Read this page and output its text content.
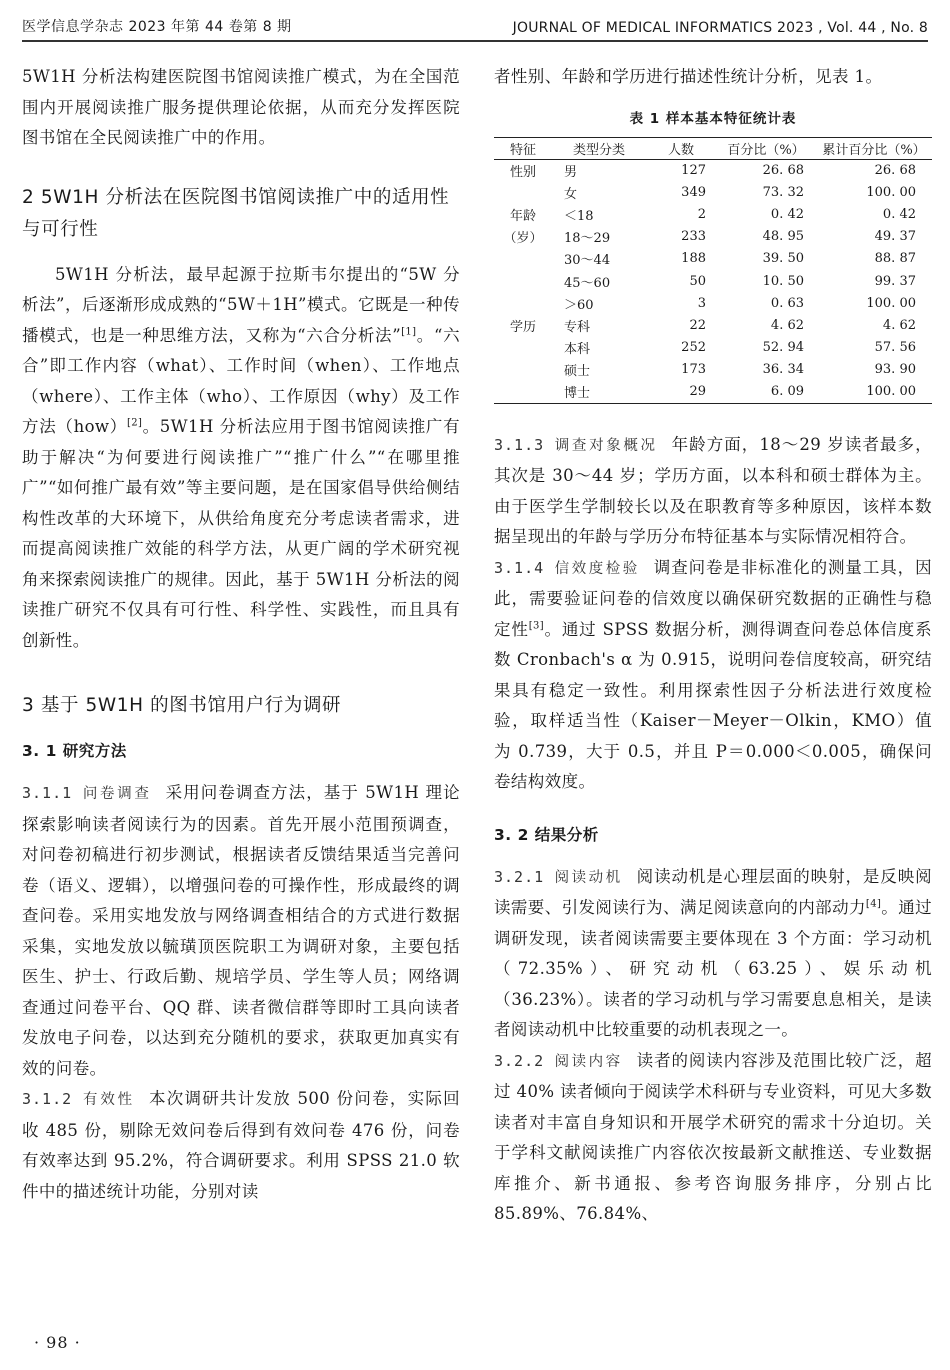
医学信息学杂志 2023 年第 44 卷第 8 期	JOURNAL OF MEDICAL INFORMATICS 2023 , Vol. 44 , No. 8

5W1H 分析法构建医院图书馆阅读推广模式，为在全国范围内开展阅读推广服务提供理论依据，从而充分发挥医院图书馆在全民阅读推广中的作用。

2 5W1H 分析法在医院图书馆阅读推广中的适用性与可行性

5W1H 分析法，最早起源于拉斯韦尔提出的“5W 分析法”，后逐渐形成成熟的“5W＋1H”模式。它既是一种传播模式，也是一种思维方法，又称为“六合分析法”[1]。“六合”即工作内容（what）、工作时间（when）、工作地点（where）、工作主体（who）、工作原因（why）及工作方法（how）[2]。5W1H 分析法应用于图书馆阅读推广有助于解决“为何要进行阅读推广”“推广什么”“在哪里推广”“如何推广最有效”等主要问题，是在国家倡导供给侧结构性改革的大环境下，从供给角度充分考虑读者需求，进而提高阅读推广效能的科学方法，从更广阔的学术研究视角来探索阅读推广的规律。因此，基于 5W1H 分析法的阅读推广研究不仅具有可行性、科学性、实践性，而且具有创新性。

3 基于 5W1H 的图书馆用户行为调研
3. 1 研究方法

3.1.1 问卷调查 采用问卷调查方法，基于 5W1H 理论探索影响读者阅读行为的因素。首先开展小范围预调查，对问卷初稿进行初步测试，根据读者反馈结果适当完善问卷（语义、逻辑），以增强问卷的可操作性，形成最终的调查问卷。采用实地发放与网络调查相结合的方式进行数据采集，实地发放以毓璜顶医院职工为调研对象，主要包括医生、护士、行政后勤、规培学员、学生等人员；网络调查通过问卷平台、QQ 群、读者微信群等即时工具向读者发放电子问卷，以达到充分随机的要求，获取更加真实有效的问卷。

3.1.2 有效性 本次调研共计发放 500 份问卷，实际回收 485 份，剔除无效问卷后得到有效问卷 476 份，问卷有效率达到 95.2%，符合调研要求。利用 SPSS 21.0 软件中的描述统计功能，分别对读

者性别、年龄和学历进行描述性统计分析，见表 1。

表 1 样本基本特征统计表
特征	类型分类	人数	百分比（%）	累计百分比（%）
性别	男	127	26. 68	26. 68
	女	349	73. 32	100. 00
年龄	＜18	2	0. 42	0. 42
（岁）	18～29	233	48. 95	49. 37
	30～44	188	39. 50	88. 87
	45～60	50	10. 50	99. 37
	＞60	3	0. 63	100. 00
学历	专科	22	4. 62	4. 62
	本科	252	52. 94	57. 56
	硕士	173	36. 34	93. 90
	博士	29	6. 09	100. 00

3.1.3 调查对象概况 年龄方面，18～29 岁读者最多，其次是 30～44 岁；学历方面，以本科和硕士群体为主。由于医学生学制较长以及在职教育等多种原因，该样本数据呈现出的年龄与学历分布特征基本与实际情况相符合。

3.1.4 信效度检验 调查问卷是非标准化的测量工具，因此，需要验证问卷的信效度以确保研究数据的正确性与稳定性[3]。通过 SPSS 数据分析，测得调查问卷总体信度系数 Cronbach's α 为 0.915，说明问卷信度较高，研究结果具有稳定一致性。利用探索性因子分析法进行效度检验，取样适当性（Kaiser－Meyer－Olkin，KMO）值为 0.739，大于 0.5，并且 P＝0.000＜0.005，确保问卷结构效度。

3. 2 结果分析

3.2.1 阅读动机 阅读动机是心理层面的映射，是反映阅读需要、引发阅读行为、满足阅读意向的内部动力[4]。通过调研发现，读者阅读需要主要体现在 3 个方面：学习动机（72.35%）、研究动机（63.25）、娱乐动机（36.23%）。读者的学习动机与学习需要息息相关，是读者阅读动机中比较重要的动机表现之一。

3.2.2 阅读内容 读者的阅读内容涉及范围比较广泛，超过 40% 读者倾向于阅读学术科研与专业资料，可见大多数读者对丰富自身知识和开展学术研究的需求十分迫切。关于学科文献阅读推广内容依次按最新文献推送、专业数据库推介、新书通报、参考咨询服务排序，分别占比 85.89%、76.84%、

· 98 ·
